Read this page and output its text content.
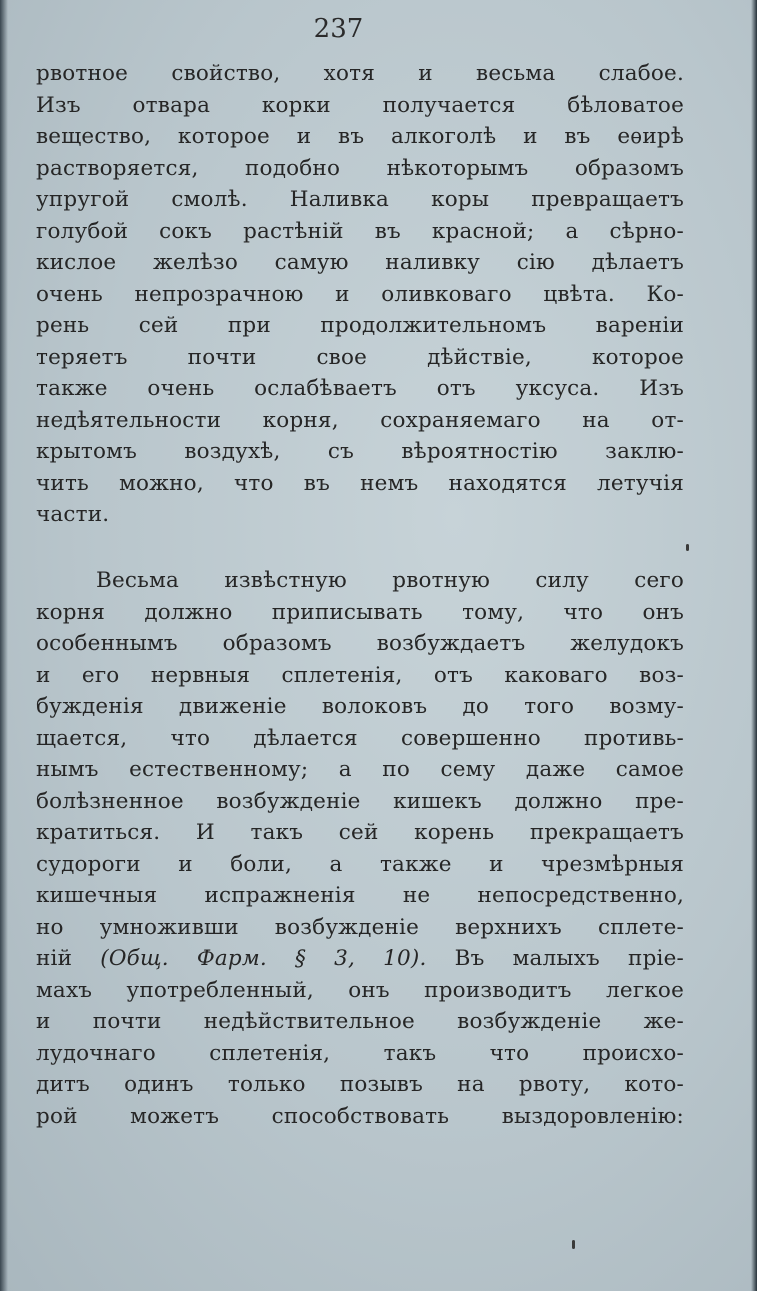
237
рвотное свойство, хотя и весьма слабое.
Изъ отвара корки получается бѣловатое
вещество, которое и въ алкоголѣ и въ еѳирѣ
растворяется, подобно нѣкоторымъ образомъ
упругой смолѣ. Наливка коры превращаетъ
голубой сокъ растѣній въ красной; а сѣрно-
кислое желѣзо самую наливку сію дѣлаетъ
очень непрозрачною и оливковаго цвѣта. Ко-
рень сей при продолжительномъ вареніи
теряетъ почти свое дѣйствіе, которое
также очень ослабѣваетъ отъ уксуса. Изъ
недѣятельности корня, сохраняемаго на от-
крытомъ воздухѣ, съ вѣроятностію заклю-
чить можно, что въ немъ находятся летучія
части.
Весьма извѣстную рвотную силу сего
корня должно приписывать тому, что онъ
особеннымъ образомъ возбуждаетъ желудокъ
и его нервныя сплетенія, отъ каковаго воз-
бужденія движеніе волоковъ до того возму-
щается, что дѣлается совершенно противь-
нымъ естественному; а по сему даже самое
болѣзненное возбужденіе кишекъ должно пре-
кратиться. И такъ сей корень прекращаетъ
судороги и боли, а также и чрезмѣрныя
кишечныя испражненія не непосредственно,
но умноживши возбужденіе верхнихъ сплете-
ній (Общ. Фарм. § 3, 10). Въ малыхъ пріе-
махъ употребленный, онъ производитъ легкое
и почти недѣйствительное возбужденіе же-
лудочнаго сплетенія, такъ что происхо-
дитъ одинъ только позывъ на рвоту, кото-
рой можетъ способствовать выздоровленію:
